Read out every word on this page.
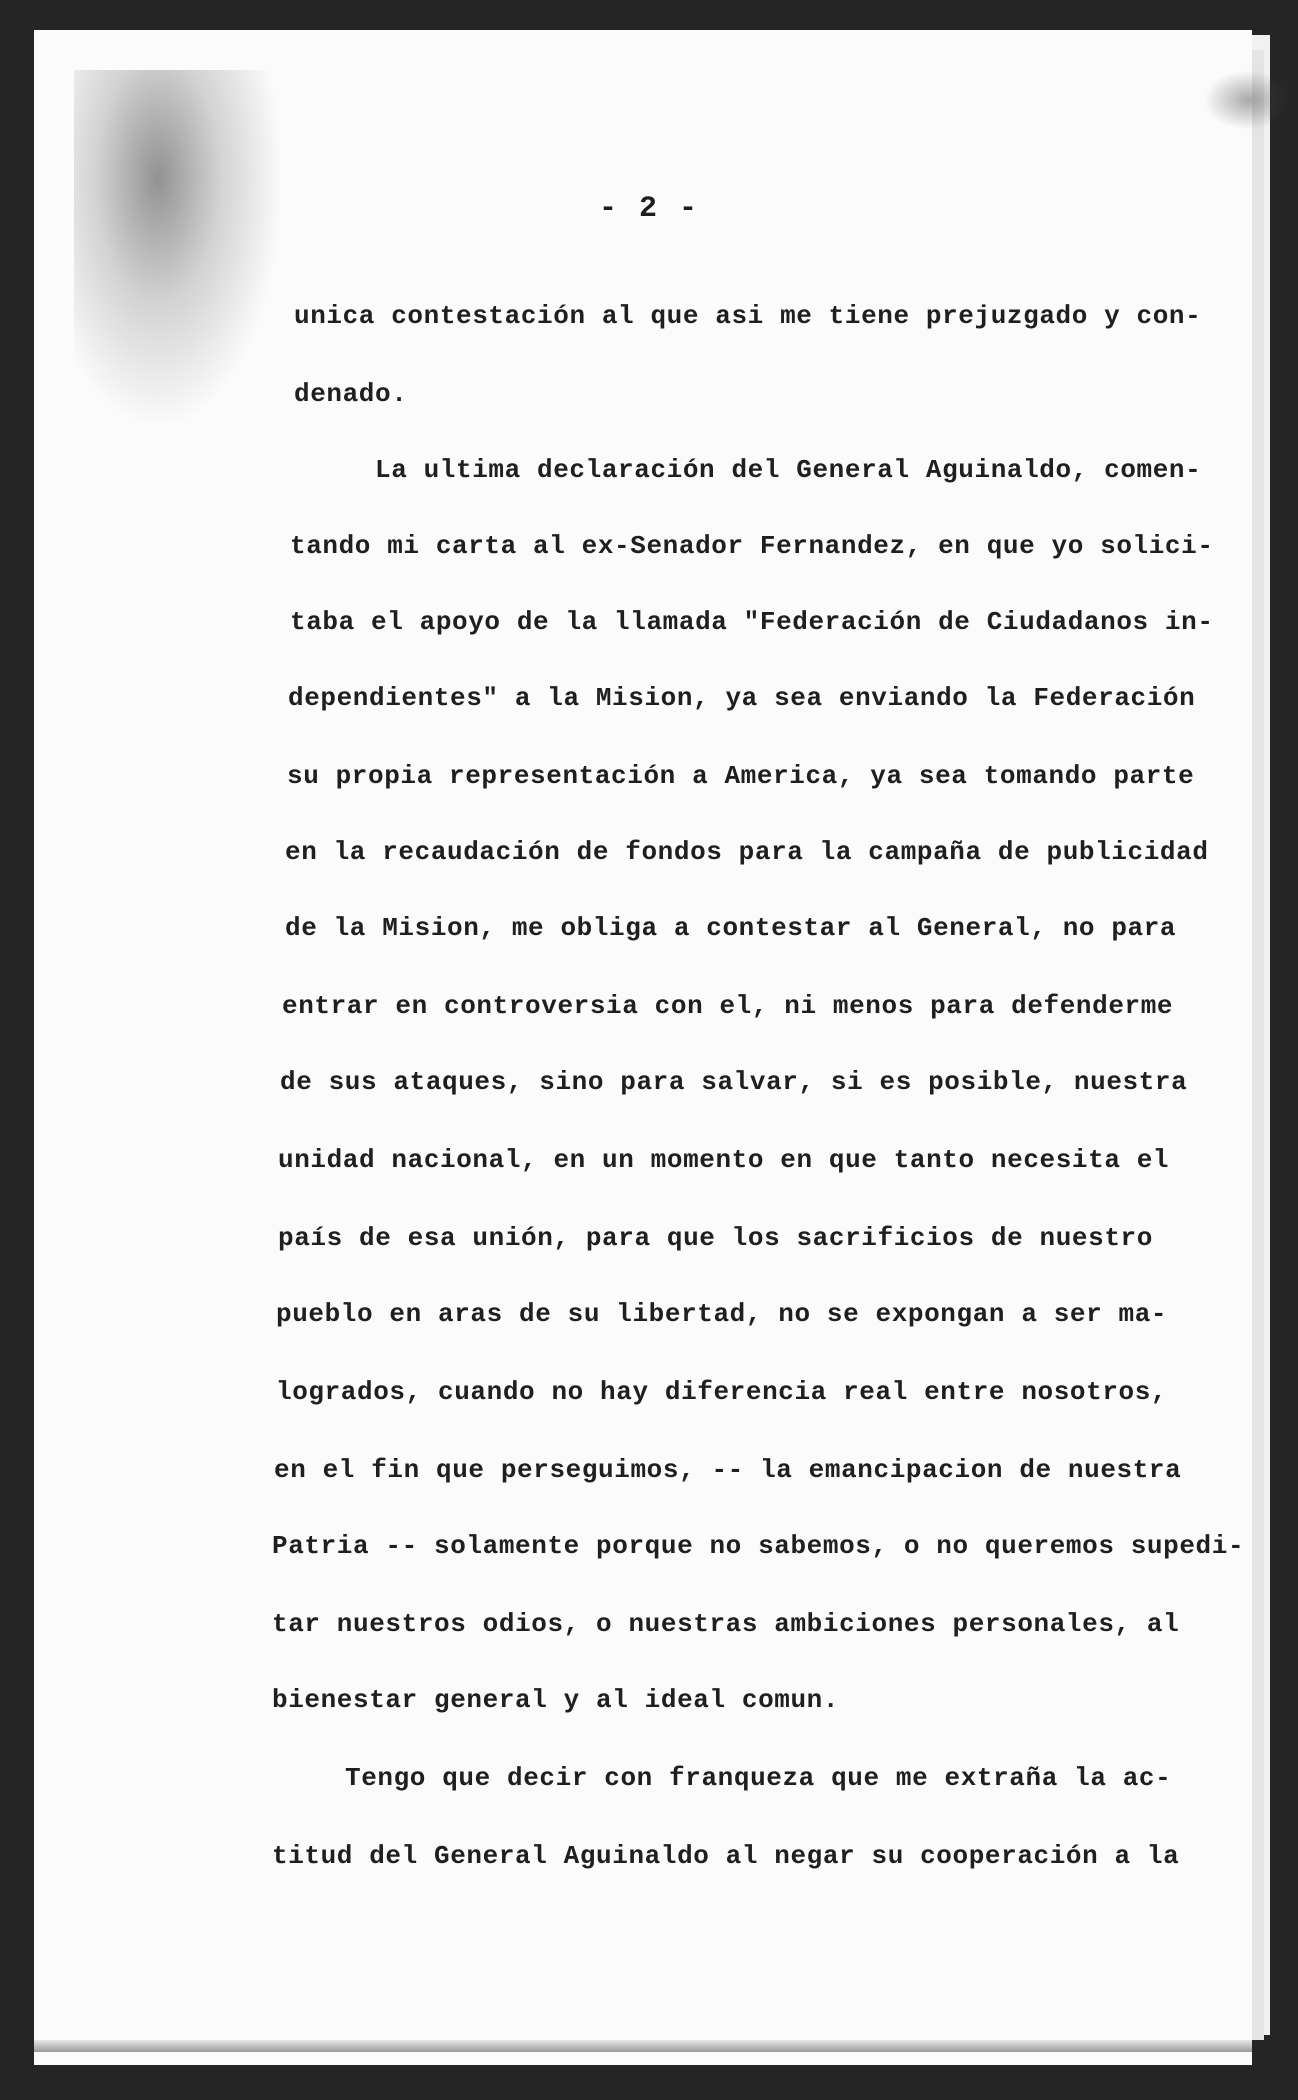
- 2 -
unica contestación al que asi me tiene prejuzgado y con-
denado.
La ultima declaración del General Aguinaldo, comen-
tando mi carta al ex-Senador Fernandez, en que yo solici-
taba el apoyo de la llamada "Federación de Ciudadanos in-
dependientes" a la Mision, ya sea enviando la Federación
su propia representación a America, ya sea tomando parte
en la recaudación de fondos para la campaña de publicidad
de la Mision, me obliga a contestar al General, no para
entrar en controversia con el, ni menos para defenderme
de sus ataques, sino para salvar, si es posible, nuestra
unidad nacional, en un momento en que tanto necesita el
país de esa unión, para que los sacrificios de nuestro
pueblo en aras de su libertad, no se expongan a ser ma-
logrados, cuando no hay diferencia real entre nosotros,
en el fin que perseguimos, -- la emancipacion de nuestra
Patria -- solamente porque no sabemos, o no queremos supedi-
tar nuestros odios, o nuestras ambiciones personales, al
bienestar general y al ideal comun.
Tengo que decir con franqueza que me extraña la ac-
titud del General Aguinaldo al negar su cooperación a la
